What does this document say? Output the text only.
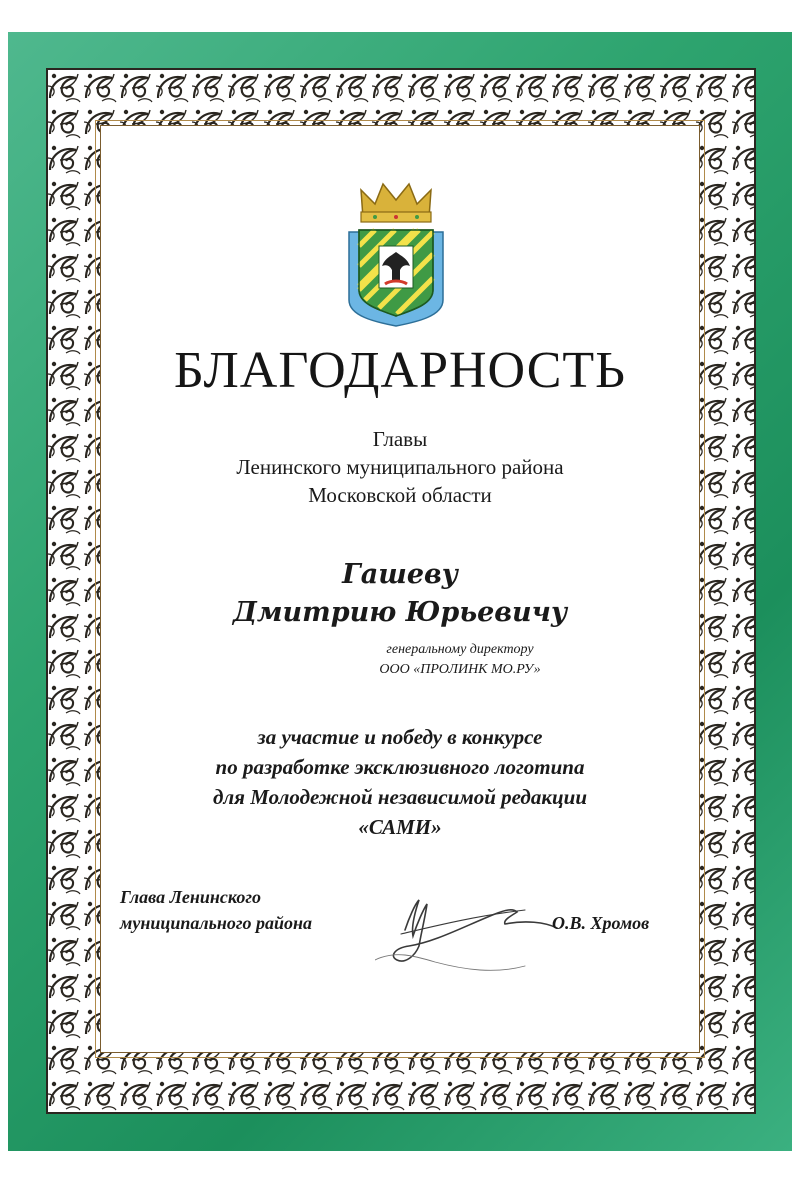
БЛАГОДАРНОСТЬ
Главы
Ленинского муниципального района
Московской области
Гашеву
Дмитрию Юрьевичу
генеральному директору
ООО «ПРОЛИНК МО.РУ»
за участие и победу в конкурсе
по разработке эксклюзивного логотипа
для Молодежной независимой редакции
«САМИ»
Глава Ленинского
муниципального района	О.В. Хромов
